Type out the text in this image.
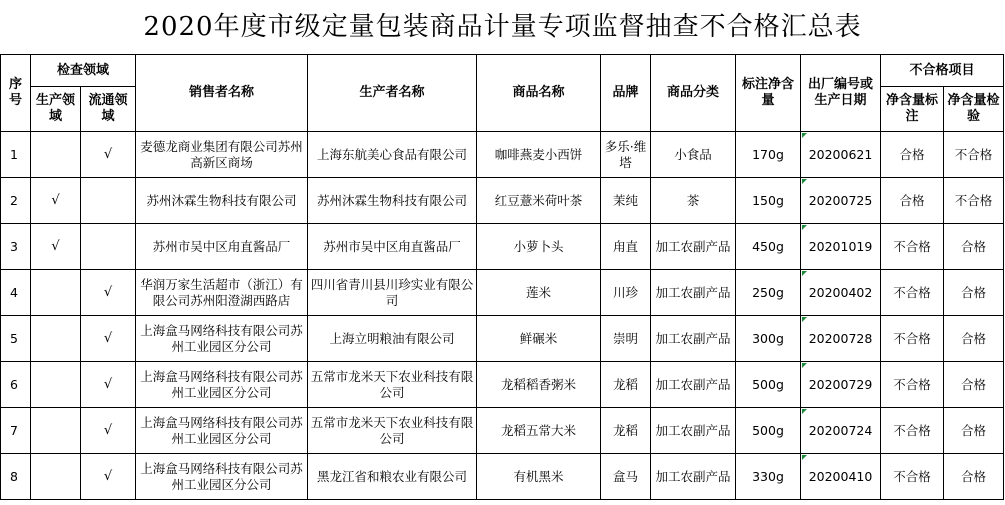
2020年度市级定量包装商品计量专项监督抽查不合格汇总表
序号	检查领域		销售者名称	生产者名称	商品名称	品牌	商品分类	标注净含量	出厂编号或生产日期	不合格项目	
	生产领域	流通领域								净含量标注	净含量检验
1		√	麦德龙商业集团有限公司苏州高新区商场	上海东航美心食品有限公司	咖啡燕麦小西饼	多乐·维塔	小食品	170g	20200621	合格	不合格
2	√		苏州沐霖生物科技有限公司	苏州沐霖生物科技有限公司	红豆薏米荷叶茶	茉纯	茶	150g	20200725	合格	不合格
3	√		苏州市吴中区甪直酱品厂	苏州市吴中区甪直酱品厂	小萝卜头	甪直	加工农副产品	450g	20201019	不合格	合格
4		√	华润万家生活超市（浙江）有限公司苏州阳澄湖西路店	四川省青川县川珍实业有限公司	莲米	川珍	加工农副产品	250g	20200402	不合格	合格
5		√	上海盒马网络科技有限公司苏州工业园区分公司	上海立明粮油有限公司	鲜碾米	崇明	加工农副产品	300g	20200728	不合格	合格
6		√	上海盒马网络科技有限公司苏州工业园区分公司	五常市龙米天下农业科技有限公司	龙稻稻香粥米	龙稻	加工农副产品	500g	20200729	不合格	合格
7		√	上海盒马网络科技有限公司苏州工业园区分公司	五常市龙米天下农业科技有限公司	龙稻五常大米	龙稻	加工农副产品	500g	20200724	不合格	合格
8		√	上海盒马网络科技有限公司苏州工业园区分公司	黑龙江省和粮农业有限公司	有机黑米	盒马	加工农副产品	330g	20200410	不合格	合格
